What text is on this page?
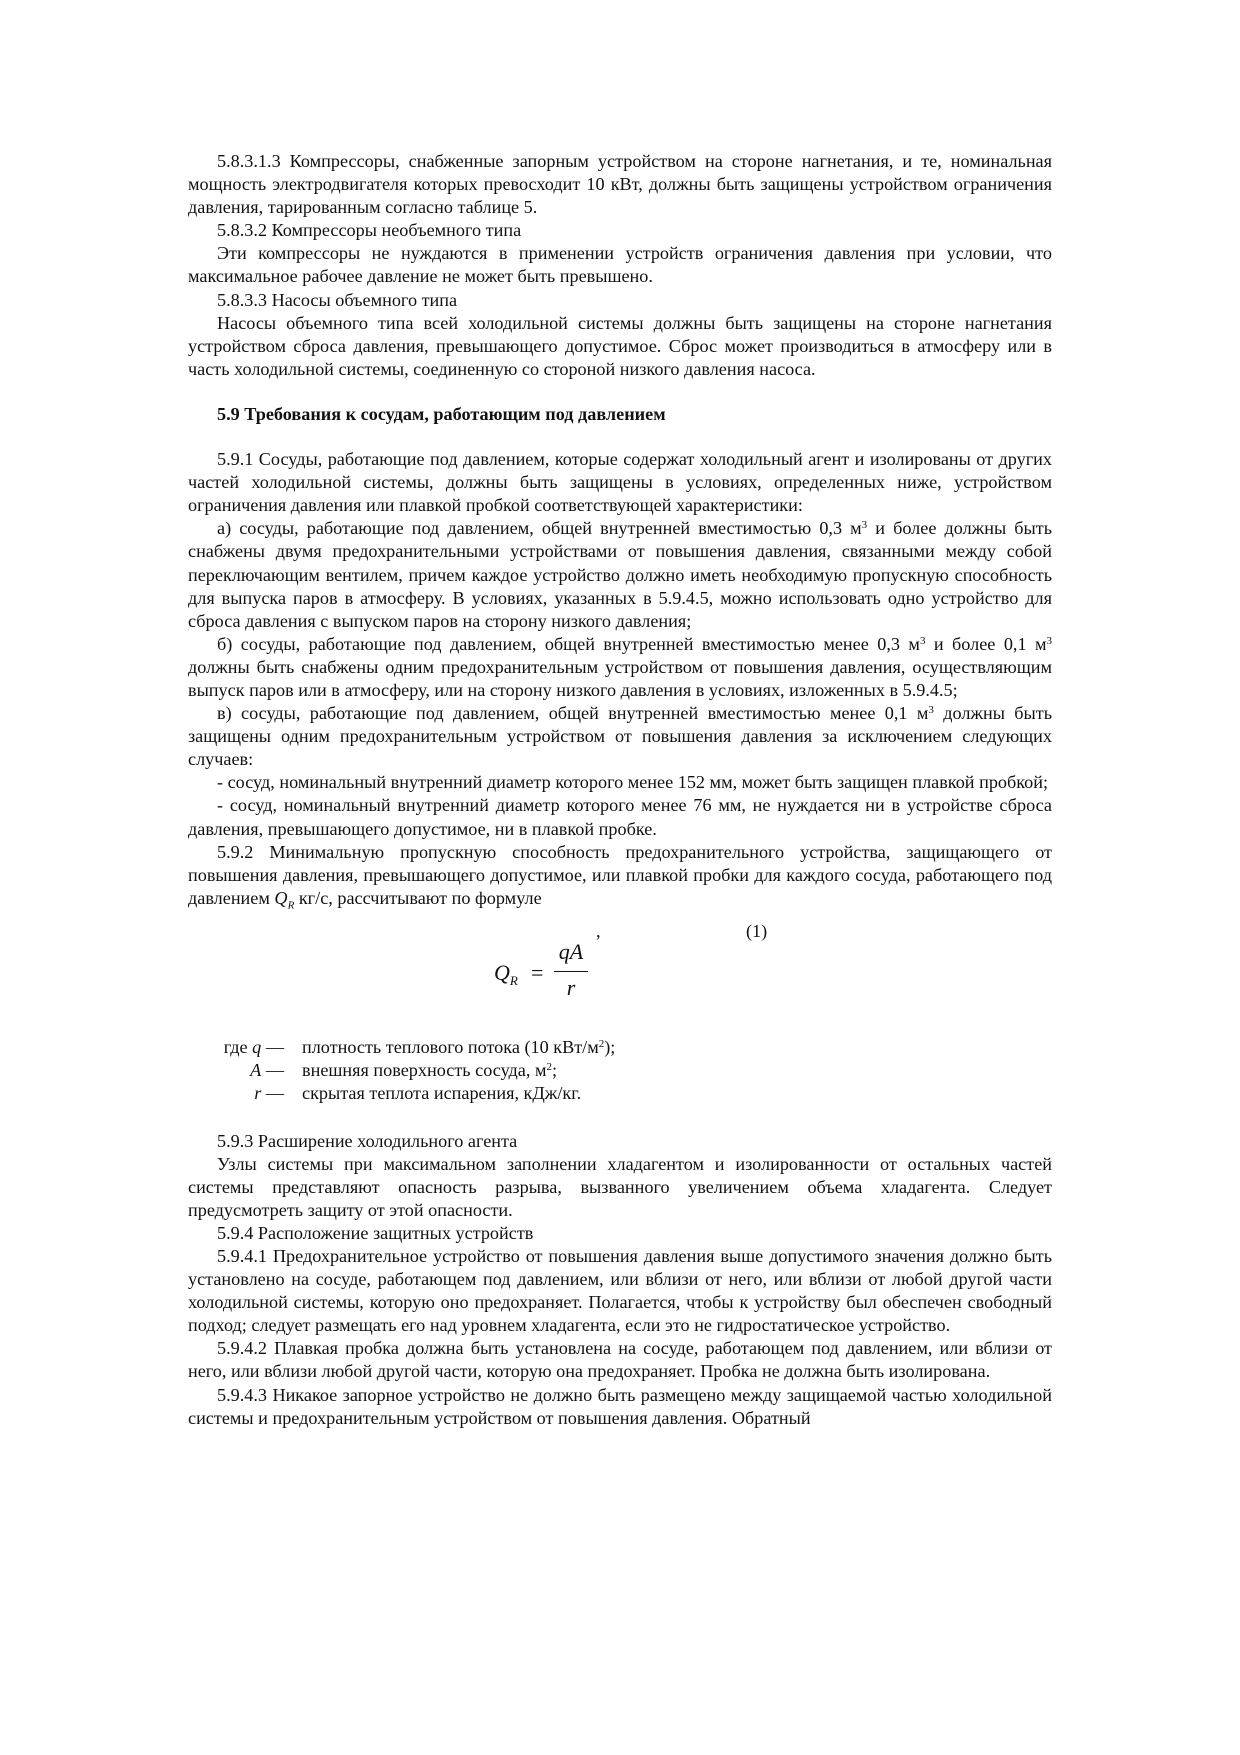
5.8.3.1.3 Компрессоры, снабженные запорным устройством на стороне нагнетания, и те, номинальная мощность электродвигателя которых превосходит 10 кВт, должны быть защищены устройством ограничения давления, тарированным согласно таблице 5.

5.8.3.2 Компрессоры необъемного типа

Эти компрессоры не нуждаются в применении устройств ограничения давления при условии, что максимальное рабочее давление не может быть превышено.

5.8.3.3 Насосы объемного типа

Насосы объемного типа всей холодильной системы должны быть защищены на стороне нагнетания устройством сброса давления, превышающего допустимое. Сброс может производиться в атмосферу или в часть холодильной системы, соединенную со стороной низкого давления насоса.

5.9 Требования к сосудам, работающим под давлением

5.9.1 Сосуды, работающие под давлением, которые содержат холодильный агент и изолированы от других частей холодильной системы, должны быть защищены в условиях, определенных ниже, устройством ограничения давления или плавкой пробкой соответствующей характеристики:

а) сосуды, работающие под давлением, общей внутренней вместимостью 0,3 $м^3$ и более должны быть снабжены двумя предохранительными устройствами от повышения давления, связанными между собой переключающим вентилем, причем каждое устройство должно иметь необходимую пропускную способность для выпуска паров в атмосферу. В условиях, указанных в 5.9.4.5, можно использовать одно устройство для сброса давления с выпуском паров на сторону низкого давления;

б) сосуды, работающие под давлением, общей внутренней вместимостью менее 0,3 $м^3$ и более 0,1 $м^3$ должны быть снабжены одним предохранительным устройством от повышения давления, осуществляющим выпуск паров или в атмосферу, или на сторону низкого давления в условиях, изложенных в 5.9.4.5;

в) сосуды, работающие под давлением, общей внутренней вместимостью менее 0,1 $м^3$ должны быть защищены одним предохранительным устройством от повышения давления за исключением следующих случаев:

- сосуд, номинальный внутренний диаметр которого менее 152 мм, может быть защищен плавкой пробкой;

- сосуд, номинальный внутренний диаметр которого менее 76 мм, не нуждается ни в устройстве сброса давления, превышающего допустимое, ни в плавкой пробке.

5.9.2 Минимальную пропускную способность предохранительного устройства, защищающего от повышения давления, превышающего допустимое, или плавкой пробки для каждого сосуда, работающего под давлением $Q_R$ кг/с, рассчитывают по формуле

,	(1)
$Q_R$ =
qA
r
где q — плотность теплового потока (10 кВт/$м^2$);
A — внешняя поверхность сосуда, $м^2$;
r — скрытая теплота испарения, кДж/кг.

5.9.3 Расширение холодильного агента

Узлы системы при максимальном заполнении хладагентом и изолированности от остальных частей системы представляют опасность разрыва, вызванного увеличением объема хладагента. Следует предусмотреть защиту от этой опасности.

5.9.4 Расположение защитных устройств

5.9.4.1 Предохранительное устройство от повышения давления выше допустимого значения должно быть установлено на сосуде, работающем под давлением, или вблизи от него, или вблизи от любой другой части холодильной системы, которую оно предохраняет. Полагается, чтобы к устройству был обеспечен свободный подход; следует размещать его над уровнем хладагента, если это не гидростатическое устройство.

5.9.4.2 Плавкая пробка должна быть установлена на сосуде, работающем под давлением, или вблизи от него, или вблизи любой другой части, которую она предохраняет. Пробка не должна быть изолирована.

5.9.4.3 Никакое запорное устройство не должно быть размещено между защищаемой частью холодильной системы и предохранительным устройством от повышения давления. Обратный
